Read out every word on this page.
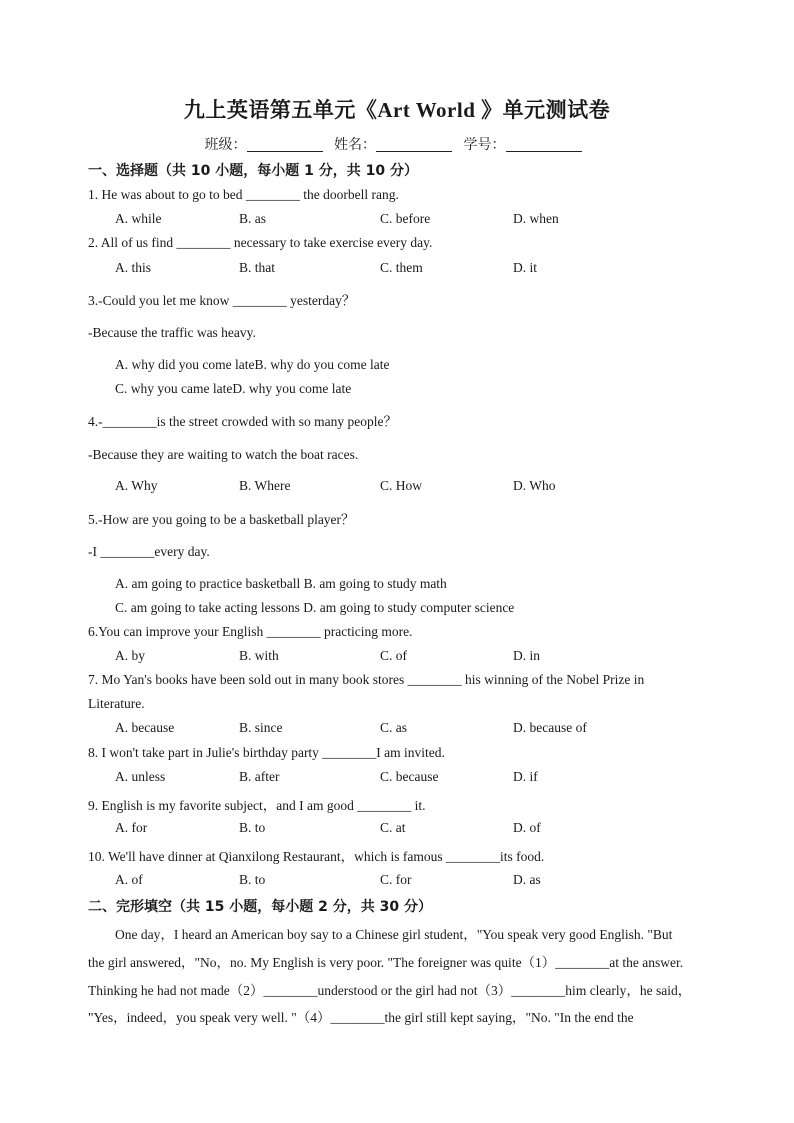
九上英语第五单元《Art World 》单元测试卷
班级：	姓名：	学号：
一、选择题（共 10 小题，每小题 1 分，共 10 分）
1. He was about to go to bed ________ the doorbell rang.
A. while	B. as	C. before	D. when
2. All of us find ________ necessary to take exercise every day.
A. this	B. that	C. them	D. it
3.-Could you let me know ________ yesterday？
-Because the traffic was heavy.
A. why did you come lateB. why do you come late
C. why you came lateD. why you come late
4.-________is the street crowded with so many people？
-Because they are waiting to watch the boat races.
A. Why	B. Where	C. How	D. Who
5.-How are you going to be a basketball player？
-I ________every day.
A. am going to practice basketball B. am going to study math
C. am going to take acting lessons D. am going to study computer science
6.You can improve your English ________ practicing more.
A. by	B. with	C. of	D. in
7. Mo Yan's books have been sold out in many book stores ________ his winning of the Nobel Prize in
Literature.
A. because	B. since	C. as	D. because of
8. I won't take part in Julie's birthday party ________I am invited.
A. unless	B. after	C. because	D. if
9. English is my favorite subject，and I am good ________ it.
A. for	B. to	C. at	D. of
10. We'll have dinner at Qianxilong Restaurant，which is famous ________its food.
A. of	B. to	C. for	D. as
二、完形填空（共 15 小题，每小题 2 分，共 30 分）
One day，I heard an American boy say to a Chinese girl student，"You speak very good English. "But
the girl answered，"No，no. My English is very poor. "The foreigner was quite（1）________at the answer.
Thinking he had not made（2）________understood or the girl had not（3）________him clearly，he said，
"Yes，indeed，you speak very well. "（4）________the girl still kept saying，"No. "In the end the
